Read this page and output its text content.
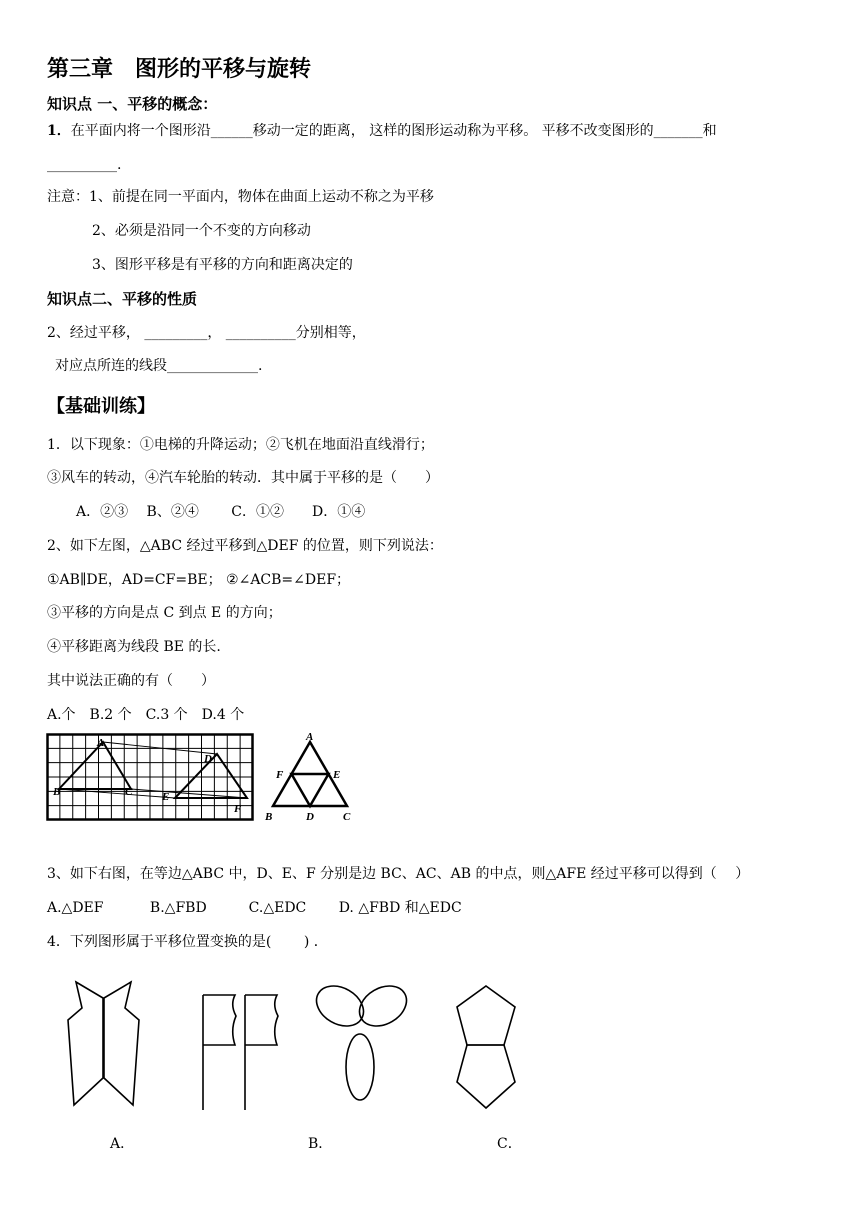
第三章　图形的平移与旋转
知识点 一、平移的概念：
1．在平面内将一个图形沿______移动一定的距离， 这样的图形运动称为平移。 平移不改变图形的_______和
__________.
注意：1、前提在同一平面内，物体在曲面上运动不称之为平移
2、必须是沿同一个不变的方向移动
3、图形平移是有平移的方向和距离决定的
知识点二、平移的性质
2、经过平移， _________， __________分别相等，
对应点所连的线段_____________.
【基础训练】
1．以下现象：①电梯的升降运动；②飞机在地面沿直线滑行；
③风车的转动，④汽车轮胎的转动．其中属于平移的是（　　）
A．②③　 B、②④　　 C．①②　　D．①④
2、如下左图，△ABC 经过平移到△DEF 的位置，则下列说法：
①AB∥DE，AD=CF=BE； ②∠ACB=∠DEF；
③平移的方向是点 C 到点 E 的方向；
④平移距离为线段 BE 的长.
其中说法正确的有（　　）
A.个　B.2 个　C.3 个　D.4 个
A
B	C
D
E
F
A
B	C
D
E
F
3、如下右图，在等边△ABC 中，D、E、F 分别是边 BC、AC、AB 的中点，则△AFE 经过平移可以得到（　 ）
A.△DEF　　 　B.△FBD　　　C.△EDC　　 D. △FBD 和△EDC
4．下列图形属于平移位置变换的是(　　 ) ．
A．	B．	C．
